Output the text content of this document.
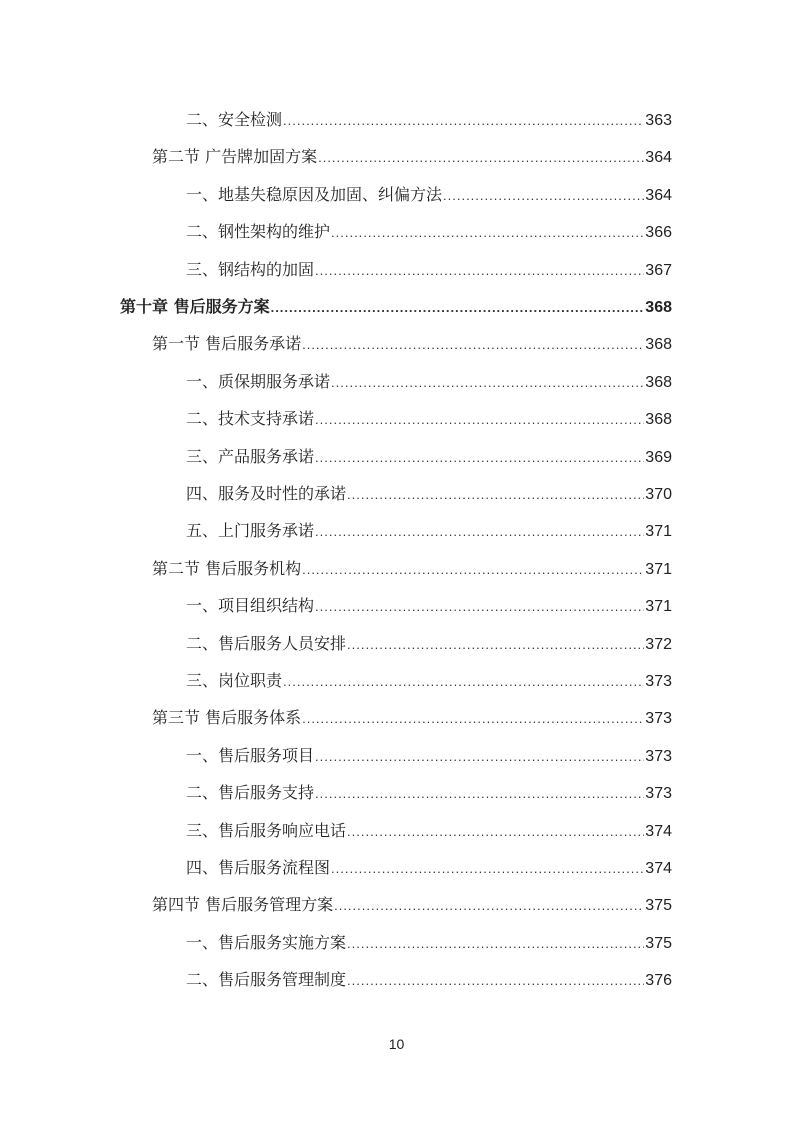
二、安全检测 .....	363
第二节 广告牌加固方案 .....	364
一、地基失稳原因及加固、纠偏方法 .....	364
二、钢性架构的维护 .....	366
三、钢结构的加固 .....	367
第十章 售后服务方案 .....	368
第一节 售后服务承诺 .....	368
一、质保期服务承诺 .....	368
二、技术支持承诺 .....	368
三、产品服务承诺 .....	369
四、服务及时性的承诺 .....	370
五、上门服务承诺 .....	371
第二节 售后服务机构 .....	371
一、项目组织结构 .....	371
二、售后服务人员安排 .....	372
三、岗位职责 .....	373
第三节 售后服务体系 .....	373
一、售后服务项目 .....	373
二、售后服务支持 .....	373
三、售后服务响应电话 .....	374
四、售后服务流程图 .....	374
第四节 售后服务管理方案 .....	375
一、售后服务实施方案 .....	375
二、售后服务管理制度 .....	376
10
